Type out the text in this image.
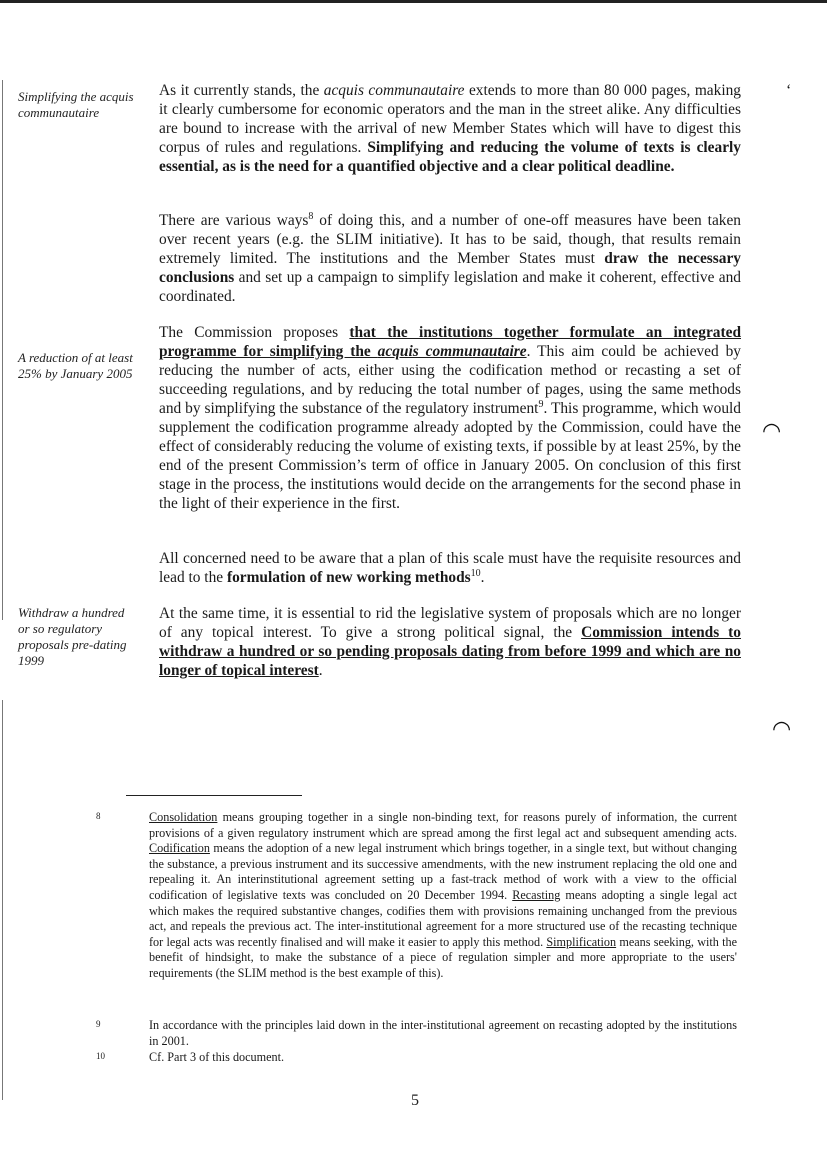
Simplifying the acquis communautaire
A reduction of at least 25% by January 2005
Withdraw a hundred or so regulatory proposals pre-dating 1999
As it currently stands, the acquis communautaire extends to more than 80 000 pages, making it clearly cumbersome for economic operators and the man in the street alike. Any difficulties are bound to increase with the arrival of new Member States which will have to digest this corpus of rules and regulations. Simplifying and reducing the volume of texts is clearly essential, as is the need for a quantified objective and a clear political deadline.
There are various ways$^8$ of doing this, and a number of one-off measures have been taken over recent years (e.g. the SLIM initiative). It has to be said, though, that results remain extremely limited. The institutions and the Member States must draw the necessary conclusions and set up a campaign to simplify legislation and make it coherent, effective and coordinated.
The Commission proposes that the institutions together formulate an integrated programme for simplifying the acquis communautaire. This aim could be achieved by reducing the number of acts, either using the codification method or recasting a set of succeeding regulations, and by reducing the total number of pages, using the same methods and by simplifying the substance of the regulatory instrument$^9$. This programme, which would supplement the codification programme already adopted by the Commission, could have the effect of considerably reducing the volume of existing texts, if possible by at least 25%, by the end of the present Commission’s term of office in January 2005. On conclusion of this first stage in the process, the institutions would decide on the arrangements for the second phase in the light of their experience in the first.
All concerned need to be aware that a plan of this scale must have the requisite resources and lead to the formulation of new working methods$^{10}$.
At the same time, it is essential to rid the legislative system of proposals which are no longer of any topical interest. To give a strong political signal, the Commission intends to withdraw a hundred or so pending proposals dating from before 1999 and which are no longer of topical interest.
8	Consolidation means grouping together in a single non-binding text, for reasons purely of information, the current provisions of a given regulatory instrument which are spread among the first legal act and subsequent amending acts. Codification means the adoption of a new legal instrument which brings together, in a single text, but without changing the substance, a previous instrument and its successive amendments, with the new instrument replacing the old one and repealing it. An interinstitutional agreement setting up a fast-track method of work with a view to the official codification of legislative texts was concluded on 20 December 1994. Recasting means adopting a single legal act which makes the required substantive changes, codifies them with provisions remaining unchanged from the previous act, and repeals the previous act. The inter-institutional agreement for a more structured use of the recasting technique for legal acts was recently finalised and will make it easier to apply this method. Simplification means seeking, with the benefit of hindsight, to make the substance of a piece of regulation simpler and more appropriate to the users' requirements (the SLIM method is the best example of this).
9	In accordance with the principles laid down in the inter-institutional agreement on recasting adopted by the institutions in 2001.
10	Cf. Part 3 of this document.
5
‘
◠
◠
